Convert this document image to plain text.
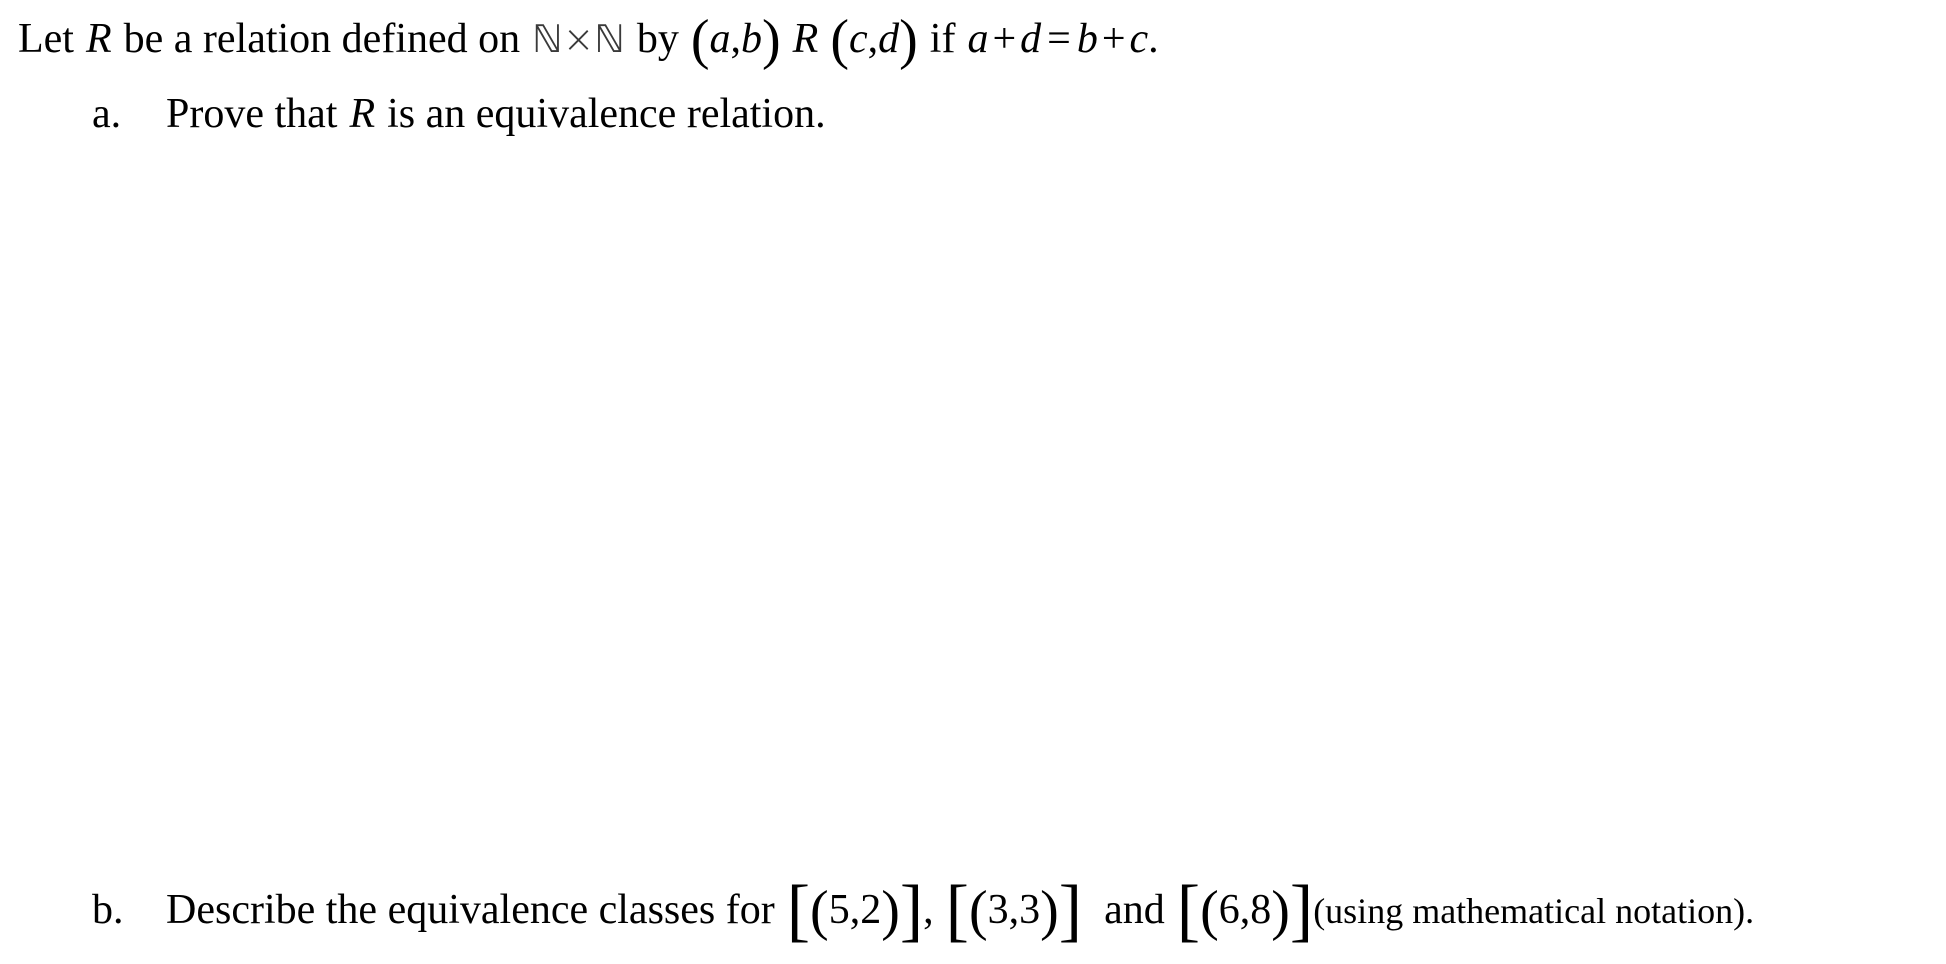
Let R be a relation defined on ℕ×ℕ by (a,b) R (c,d) if a+d = b+c.
a. Prove that R is an equivalence relation.
b. Describe the equivalence classes for [(5,2)], [(3,3)] and [(6,8)](using mathematical notation).
